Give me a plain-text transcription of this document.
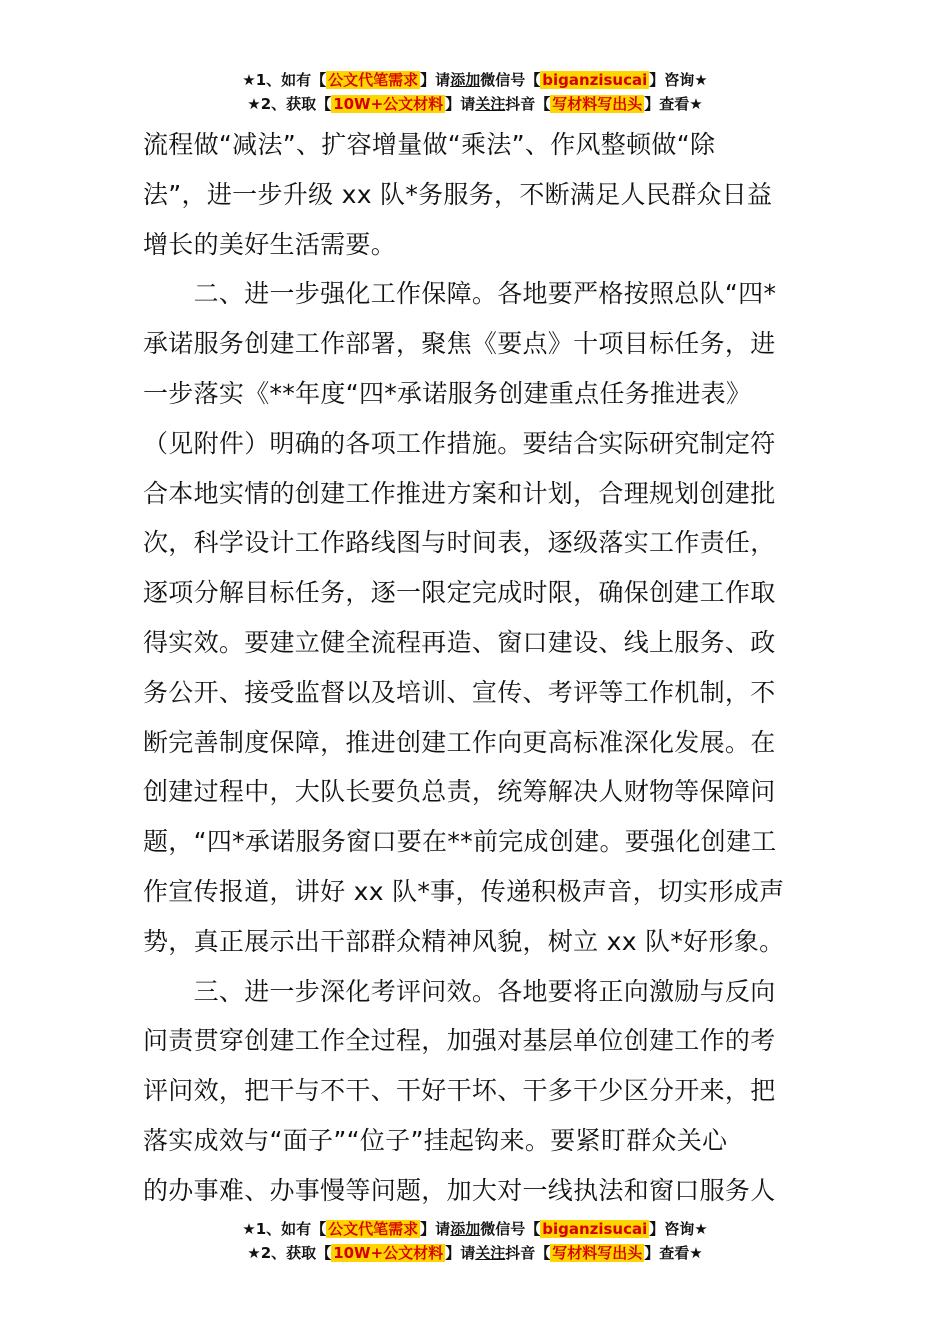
★1、如有【 公文代笔需求 】请添加微信号【 biganzisucai 】咨询★
★2、获取【 10W+公文材料 】请关注抖音【 写材料写出头 】查看★
流程做“减法”、扩容增量做“乘法”、作风整顿做“除
法”，进一步升级 xx 队*务服务，不断满足人民群众日益
增长的美好生活需要。
　　二、进一步强化工作保障。各地要严格按照总队“四*
承诺服务创建工作部署，聚焦《要点》十项目标任务，进
一步落实《**年度“四*承诺服务创建重点任务推进表》
（见附件）明确的各项工作措施。要结合实际研究制定符
合本地实情的创建工作推进方案和计划，合理规划创建批
次，科学设计工作路线图与时间表，逐级落实工作责任，
逐项分解目标任务，逐一限定完成时限，确保创建工作取
得实效。要建立健全流程再造、窗口建设、线上服务、政
务公开、接受监督以及培训、宣传、考评等工作机制，不
断完善制度保障，推进创建工作向更高标准深化发展。在
创建过程中，大队长要负总责，统筹解决人财物等保障问
题，“四*承诺服务窗口要在**前完成创建。要强化创建工
作宣传报道，讲好 xx 队*事，传递积极声音，切实形成声
势，真正展示出干部群众精神风貌，树立 xx 队*好形象。
　　三、进一步深化考评问效。各地要将正向激励与反向
问责贯穿创建工作全过程，加强对基层单位创建工作的考
评问效，把干与不干、干好干坏、干多干少区分开来，把
落实成效与“面子”“位子”挂起钩来。要紧盯群众关心
的办事难、办事慢等问题，加大对一线执法和窗口服务人
★1、如有【 公文代笔需求 】请添加微信号【 biganzisucai 】咨询★
★2、获取【 10W+公文材料 】请关注抖音【 写材料写出头 】查看★
